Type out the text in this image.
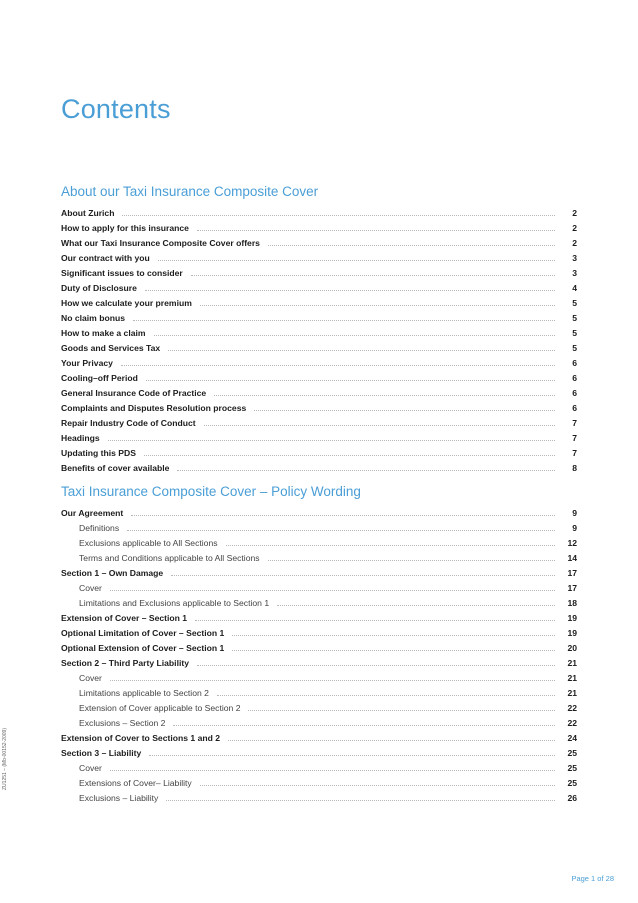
Contents
About our Taxi Insurance Composite Cover
About Zurich	2
How to apply for this insurance	2
What our Taxi Insurance Composite Cover offers	2
Our contract with you	3
Significant issues to consider	3
Duty of Disclosure	4
How we calculate your premium	5
No claim bonus	5
How to make a claim	5
Goods and Services Tax	5
Your Privacy	6
Cooling–off Period	6
General Insurance Code of Practice	6
Complaints and Disputes Resolution process	6
Repair Industry Code of Conduct	7
Headings	7
Updating this PDS	7
Benefits of cover available	8
Taxi Insurance Composite Cover – Policy Wording
Our Agreement	9
Definitions	9
Exclusions applicable to All Sections	12
Terms and Conditions applicable to All Sections	14
Section 1 – Own Damage	17
Cover	17
Limitations and Exclusions applicable to Section 1	18
Extension of Cover – Section 1	19
Optional Limitation of Cover – Section 1	19
Optional Extension of Cover – Section 1	20
Section 2 – Third Party Liability	21
Cover	21
Limitations applicable to Section 2	21
Extension of Cover applicable to Section 2	22
Exclusions – Section 2	22
Extension of Cover to Sections 1 and 2	24
Section 3 – Liability	25
Cover	25
Extensions of Cover– Liability	25
Exclusions – Liability	26
ZU1251 – (Mb-00152-2009)
Page 1 of 28
